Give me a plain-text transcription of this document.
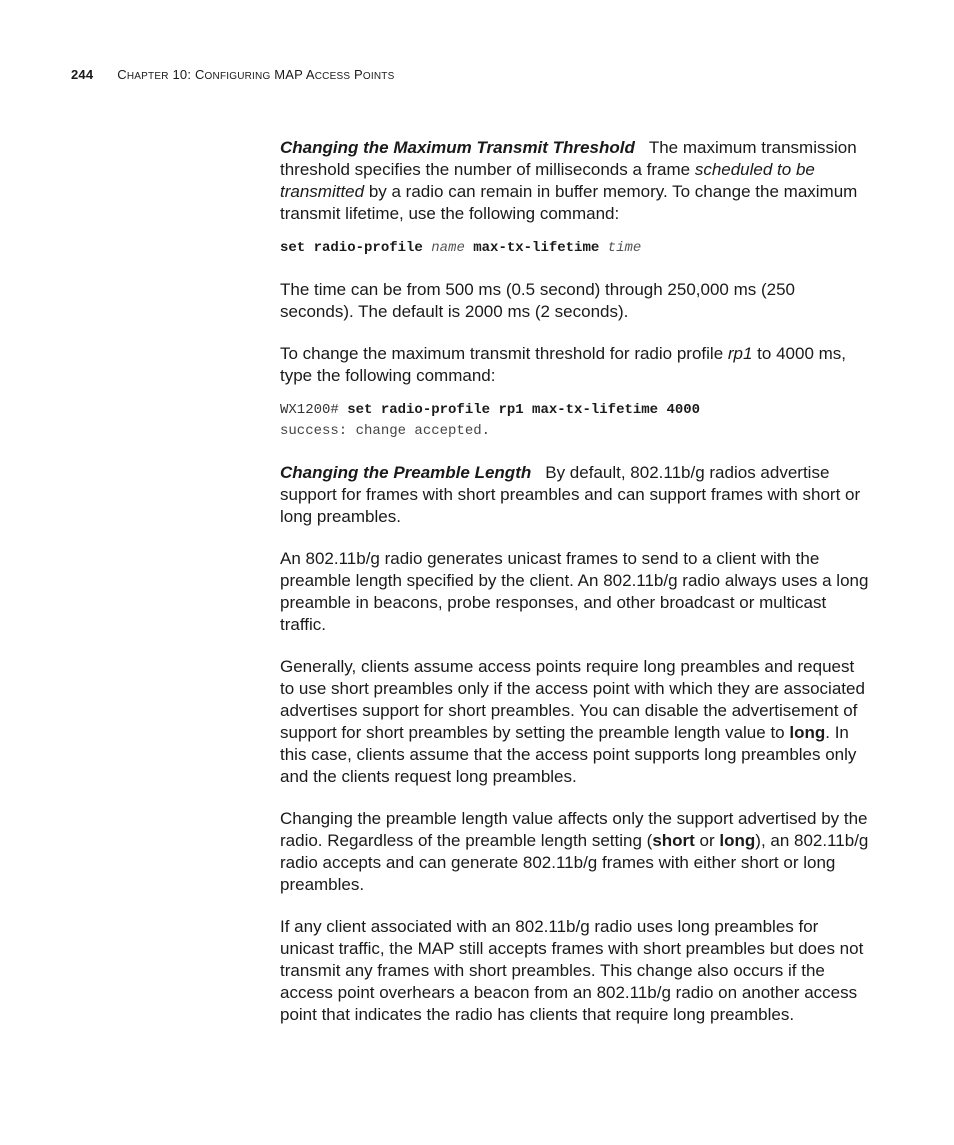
244 CHAPTER 10: CONFIGURING MAP ACCESS POINTS

Changing the Maximum Transmit Threshold The maximum transmission threshold specifies the number of milliseconds a frame scheduled to be transmitted by a radio can remain in buffer memory. To change the maximum transmit lifetime, use the following command:

set radio-profile name max-tx-lifetime time

The time can be from 500 ms (0.5 second) through 250,000 ms (250 seconds). The default is 2000 ms (2 seconds).

To change the maximum transmit threshold for radio profile rp1 to 4000 ms, type the following command:

WX1200# set radio-profile rp1 max-tx-lifetime 4000
success: change accepted.

Changing the Preamble Length By default, 802.11b/g radios advertise support for frames with short preambles and can support frames with short or long preambles.

An 802.11b/g radio generates unicast frames to send to a client with the preamble length specified by the client. An 802.11b/g radio always uses a long preamble in beacons, probe responses, and other broadcast or multicast traffic.

Generally, clients assume access points require long preambles and request to use short preambles only if the access point with which they are associated advertises support for short preambles. You can disable the advertisement of support for short preambles by setting the preamble length value to long. In this case, clients assume that the access point supports long preambles only and the clients request long preambles.

Changing the preamble length value affects only the support advertised by the radio. Regardless of the preamble length setting (short or long), an 802.11b/g radio accepts and can generate 802.11b/g frames with either short or long preambles.

If any client associated with an 802.11b/g radio uses long preambles for unicast traffic, the MAP still accepts frames with short preambles but does not transmit any frames with short preambles. This change also occurs if the access point overhears a beacon from an 802.11b/g radio on another access point that indicates the radio has clients that require long preambles.
